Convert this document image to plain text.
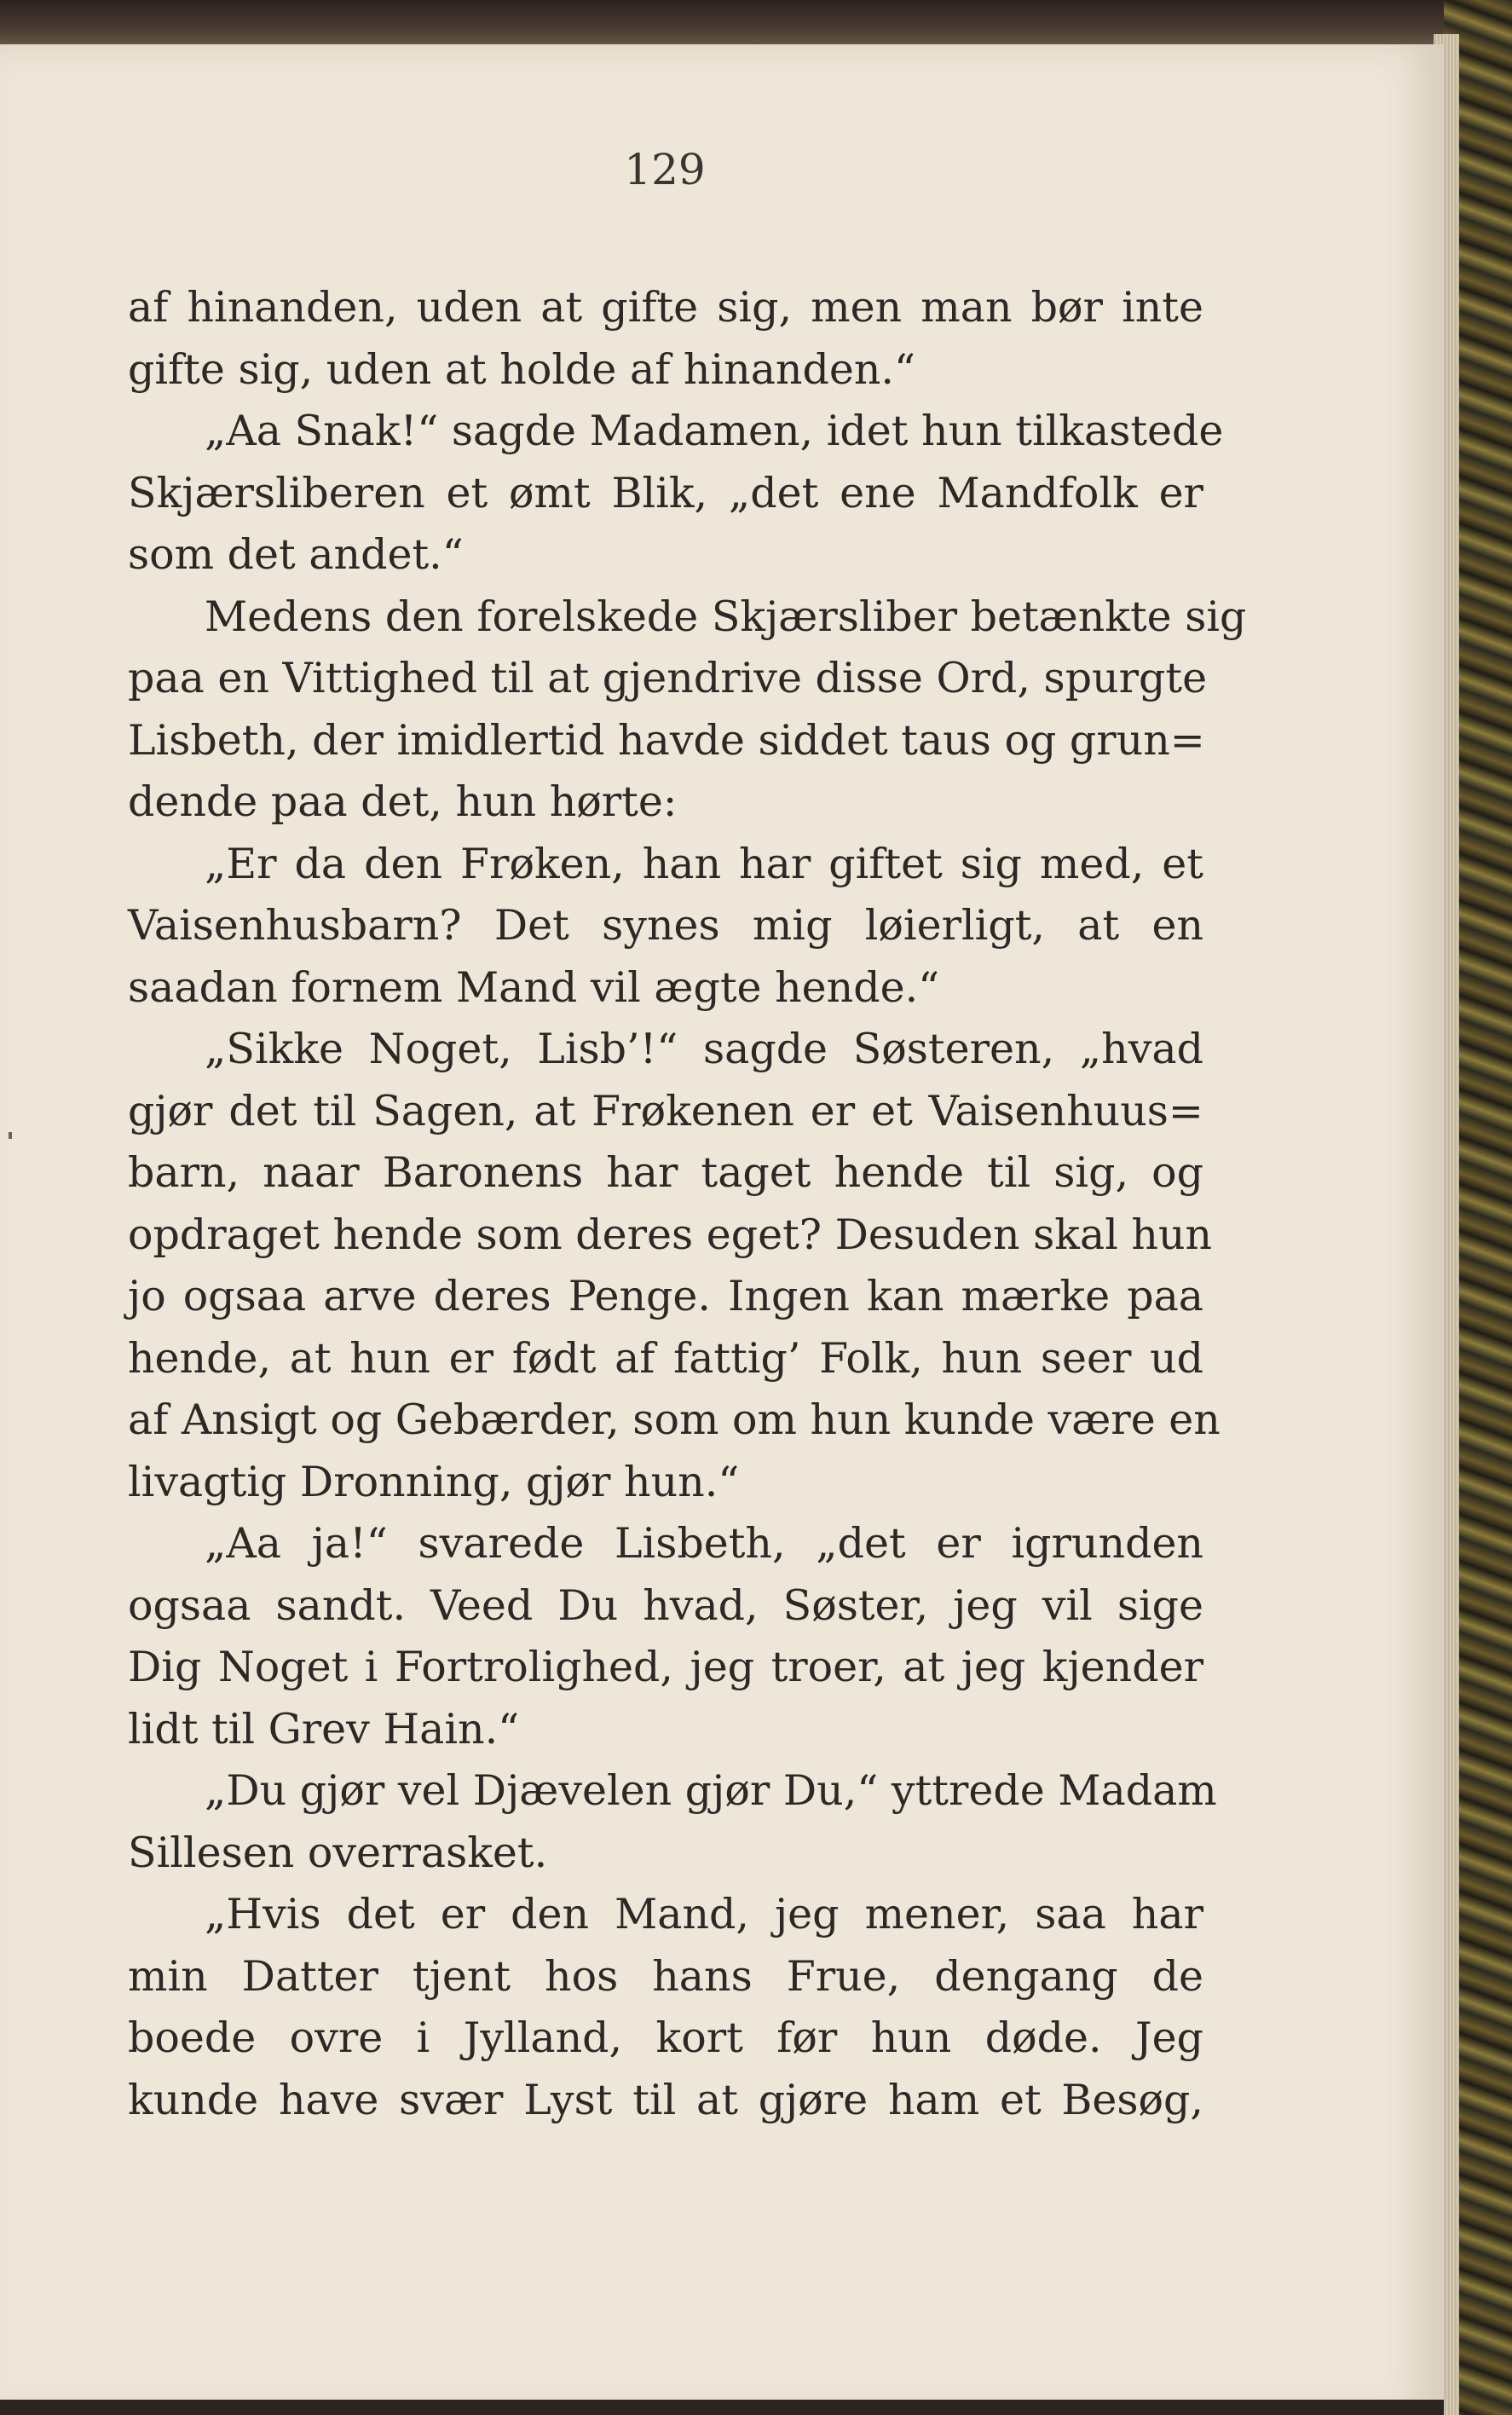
129
af hinanden, uden at gifte sig, men man bør inte
gifte sig, uden at holde af hinanden.“
„Aa Snak!“ sagde Madamen, idet hun tilkastede
Skjærsliberen et ømt Blik, „det ene Mandfolk er
som det andet.“
Medens den forelskede Skjærsliber betænkte sig
paa en Vittighed til at gjendrive disse Ord, spurgte
Lisbeth, der imidlertid havde siddet taus og grun=
dende paa det, hun hørte:
„Er da den Frøken, han har giftet sig med, et
Vaisenhusbarn? Det synes mig løierligt, at en
saadan fornem Mand vil ægte hende.“
„Sikke Noget, Lisb’!“ sagde Søsteren, „hvad
gjør det til Sagen, at Frøkenen er et Vaisenhuus=
barn, naar Baronens har taget hende til sig, og
opdraget hende som deres eget? Desuden skal hun
jo ogsaa arve deres Penge. Ingen kan mærke paa
hende, at hun er født af fattig’ Folk, hun seer ud
af Ansigt og Gebærder, som om hun kunde være en
livagtig Dronning, gjør hun.“
„Aa ja!“ svarede Lisbeth, „det er igrunden
ogsaa sandt. Veed Du hvad, Søster, jeg vil sige
Dig Noget i Fortrolighed, jeg troer, at jeg kjender
lidt til Grev Hain.“
„Du gjør vel Djævelen gjør Du,“ yttrede Madam
Sillesen overrasket.
„Hvis det er den Mand, jeg mener, saa har
min Datter tjent hos hans Frue, dengang de
boede ovre i Jylland, kort før hun døde. Jeg
kunde have svær Lyst til at gjøre ham et Besøg,
